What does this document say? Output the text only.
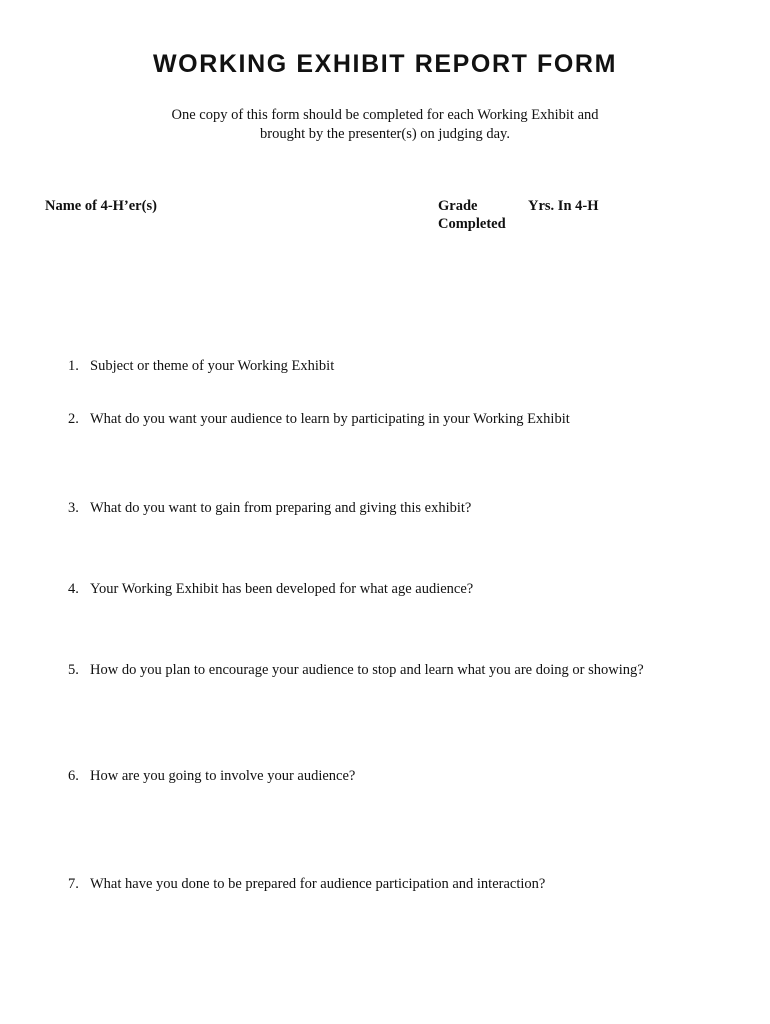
WORKING EXHIBIT REPORT FORM
One copy of this form should be completed for each Working Exhibit and
brought by the presenter(s) on judging day.
Name of 4-H’er(s)	Grade
Completed
Yrs. In 4-H
1. Subject or theme of your Working Exhibit
2. What do you want your audience to learn by participating in your Working Exhibit
3. What do you want to gain from preparing and giving this exhibit?
4. Your Working Exhibit has been developed for what age audience?
5. How do you plan to encourage your audience to stop and learn what you are doing or showing?
6. How are you going to involve your audience?
7. What have you done to be prepared for audience participation and interaction?
